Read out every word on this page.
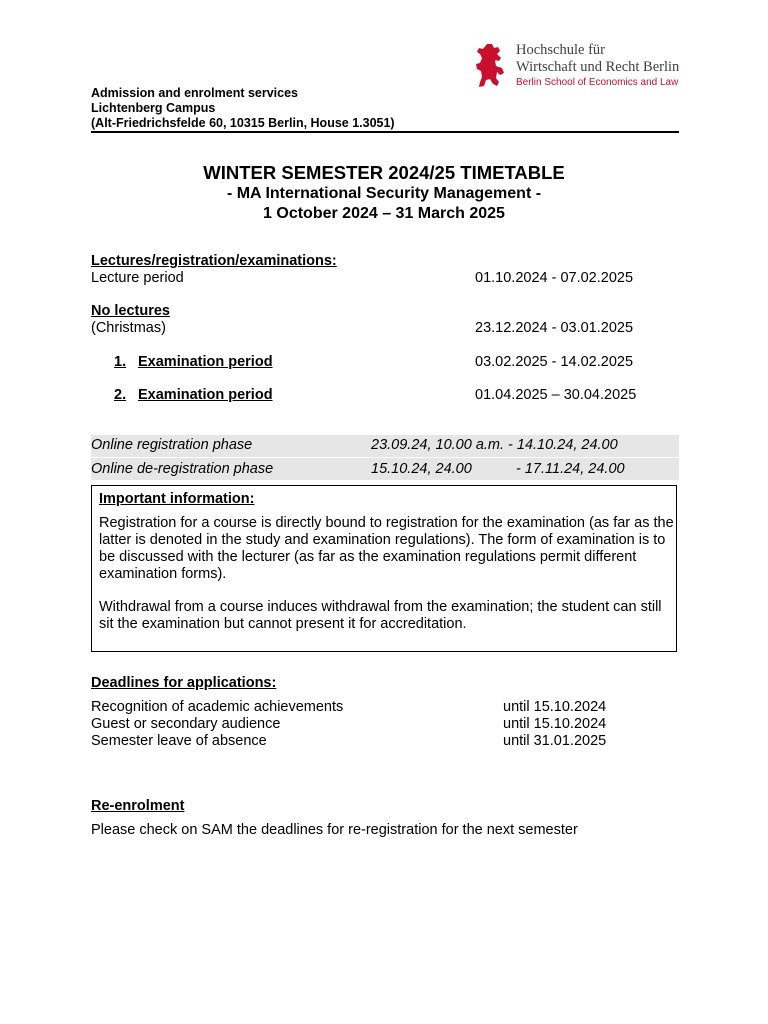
Hochschule für
Wirtschaft und Recht Berlin
Berlin School of Economics and Law
Admission and enrolment services
Lichtenberg Campus
(Alt-Friedrichsfelde 60, 10315 Berlin, House 1.3051)
WINTER SEMESTER 2024/25 TIMETABLE
- MA International Security Management -
1 October 2024 – 31 March 2025
Lectures/registration/examinations:
Lecture period	01.10.2024 - 07.02.2025
No lectures
(Christmas)	23.12.2024 - 03.01.2025
1. Examination period	03.02.2025 - 14.02.2025
2. Examination period	01.04.2025 – 30.04.2025
Online registration phase	23.09.24, 10.00 a.m. - 14.10.24, 24.00
Online de-registration phase	15.10.24, 24.00	- 17.11.24, 24.00
Important information:
Registration for a course is directly bound to registration for the examination (as far as the latter is denoted in the study and examination regulations). The form of examination is to be discussed with the lecturer (as far as the examination regulations permit different examination forms).
Withdrawal from a course induces withdrawal from the examination; the student can still sit the examination but cannot present it for accreditation.
Deadlines for applications:
Recognition of academic achievements	until 15.10.2024
Guest or secondary audience	until 15.10.2024
Semester leave of absence	until 31.01.2025
Re-enrolment
Please check on SAM the deadlines for re-registration for the next semester
